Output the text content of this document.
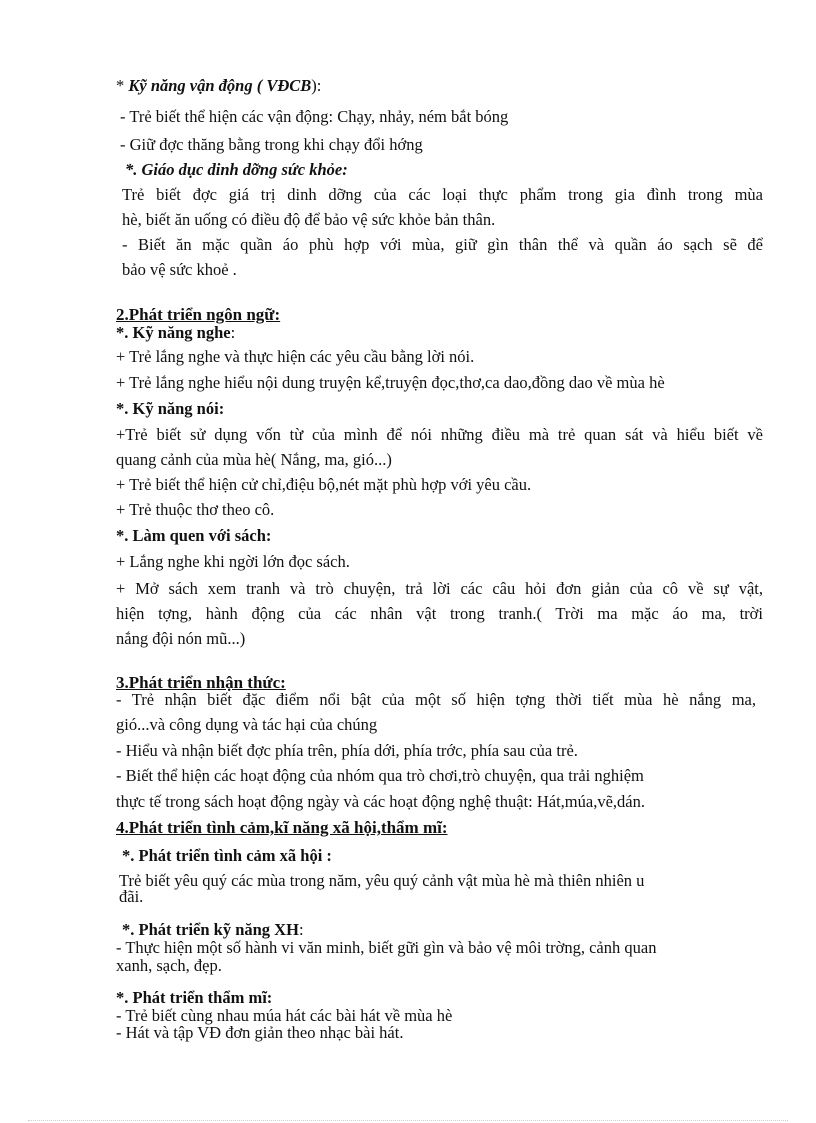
* Kỹ năng vận động ( VĐCB):
- Trẻ biết thể hiện các vận động: Chạy, nhảy, ném bắt bóng
- Giữ đợc thăng bằng trong khi chạy đổi hớng
*. Giáo dục dinh dỡng sức khỏe:
Trẻ biết đợc giá trị dinh dỡng của các loại thực phẩm trong gia đình trong mùa
hè, biết ăn uống có điều độ để bảo vệ sức khỏe bản thân.
- Biết ăn mặc quần áo phù hợp với mùa, giữ gìn thân thể và quần áo sạch sẽ để
bảo vệ sức khoẻ .
2.Phát triển ngôn ngữ:
*. Kỹ năng nghe:
+ Trẻ lắng nghe và thực hiện các yêu cầu bằng lời nói.
+ Trẻ lắng nghe hiểu nội dung truyện kể,truyện đọc,thơ,ca dao,đồng dao về mùa hè
*. Kỹ năng nói:
+Trẻ biết sử dụng vốn từ của mình để nói những điều mà trẻ quan sát và hiểu biết về
quang cảnh của mùa hè( Nắng, ma, gió...)
+ Trẻ biết thể hiện cử chỉ,điệu bộ,nét mặt phù hợp với yêu cầu.
+ Trẻ thuộc thơ theo cô.
*. Làm quen với sách:
+ Lắng nghe khi ngời lớn đọc sách.
+ Mở sách xem tranh và trò chuyện, trả lời các câu hỏi đơn giản của cô về sự vật,
hiện tợng, hành động của các nhân vật trong tranh.( Trời ma mặc áo ma, trời
nắng đội nón mũ...)
3.Phát triển nhận thức:
- Trẻ nhận biết đặc điểm nổi bật của một số hiện tợng thời tiết mùa hè nắng ma,
gió...và công dụng và tác hại của chúng
- Hiểu và nhận biết đợc phía trên, phía dới, phía trớc, phía sau của trẻ.
- Biết thể hiện các hoạt động của nhóm qua trò chơi,trò chuyện, qua trải nghiệm
thực tế trong sách hoạt động ngày và các hoạt động nghệ thuật: Hát,múa,vẽ,dán.
4.Phát triển tình cảm,kĩ năng xã hội,thẩm mĩ:
*. Phát triển tình cảm xã hội :
Trẻ biết yêu quý các mùa trong năm, yêu quý cảnh vật mùa hè mà thiên nhiên u
đãi.
*. Phát triển kỹ năng XH:
- Thực hiện một số hành vi văn minh, biết gữi gìn và bảo vệ môi trờng, cảnh quan
xanh, sạch, đẹp.
*. Phát triển thẩm mĩ:
- Trẻ biết cùng nhau múa hát các bài hát về mùa hè
- Hát và tập VĐ đơn giản theo nhạc bài hát.
